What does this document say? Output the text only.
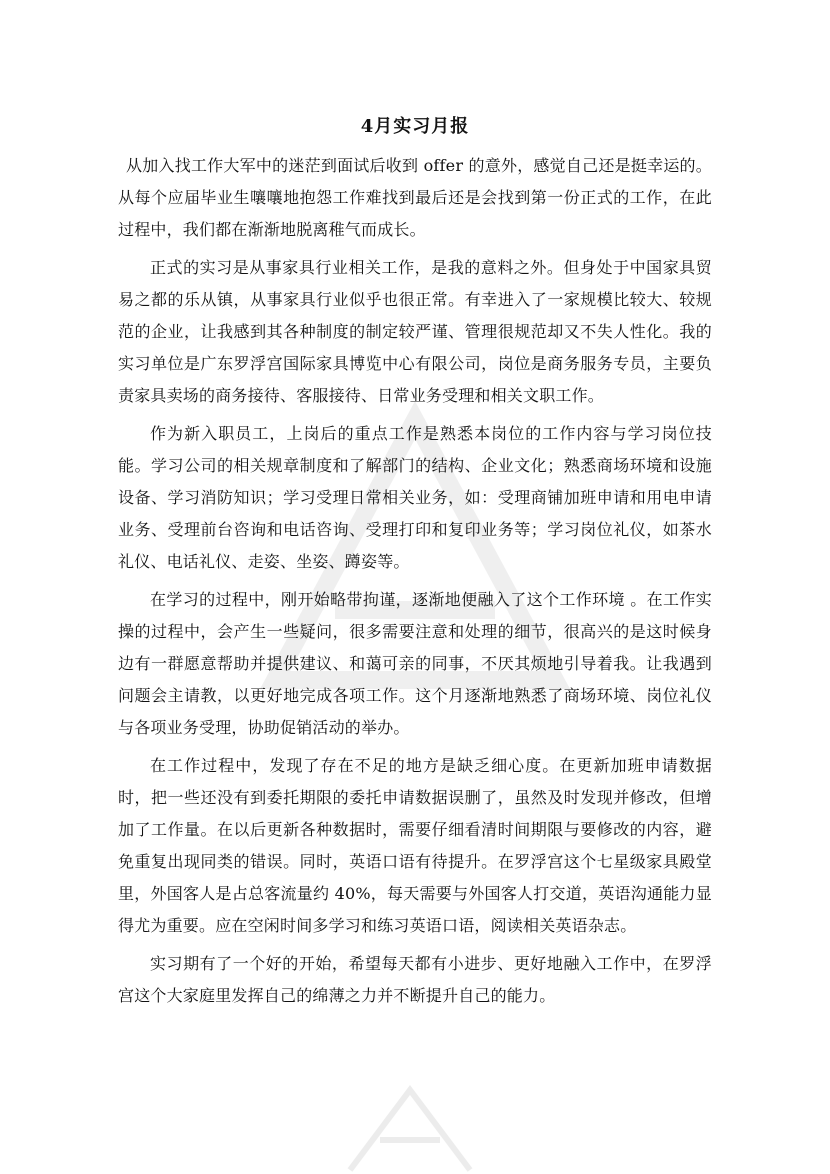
4月实习月报

从加入找工作大军中的迷茫到面试后收到 offer 的意外，感觉自己还是挺幸运的。从每个应届毕业生嚷嚷地抱怨工作难找到最后还是会找到第一份正式的工作，在此过程中，我们都在渐渐地脱离稚气而成长。

正式的实习是从事家具行业相关工作，是我的意料之外。但身处于中国家具贸易之都的乐从镇，从事家具行业似乎也很正常。有幸进入了一家规模比较大、较规范的企业，让我感到其各种制度的制定较严谨、管理很规范却又不失人性化。我的实习单位是广东罗浮宫国际家具博览中心有限公司，岗位是商务服务专员，主要负责家具卖场的商务接待、客服接待、日常业务受理和相关文职工作。

作为新入职员工，上岗后的重点工作是熟悉本岗位的工作内容与学习岗位技能。学习公司的相关规章制度和了解部门的结构、企业文化；熟悉商场环境和设施设备、学习消防知识；学习受理日常相关业务，如：受理商铺加班申请和用电申请业务、受理前台咨询和电话咨询、受理打印和复印业务等；学习岗位礼仪，如茶水礼仪、电话礼仪、走姿、坐姿、蹲姿等。

在学习的过程中，刚开始略带拘谨，逐渐地便融入了这个工作环境 。在工作实操的过程中，会产生一些疑问，很多需要注意和处理的细节，很高兴的是这时候身边有一群愿意帮助并提供建议、和蔼可亲的同事，不厌其烦地引导着我。让我遇到问题会主请教，以更好地完成各项工作。这个月逐渐地熟悉了商场环境、岗位礼仪与各项业务受理，协助促销活动的举办。

在工作过程中，发现了存在不足的地方是缺乏细心度。在更新加班申请数据时，把一些还没有到委托期限的委托申请数据误删了，虽然及时发现并修改，但增加了工作量。在以后更新各种数据时，需要仔细看清时间期限与要修改的内容，避免重复出现同类的错误。同时，英语口语有待提升。在罗浮宫这个七星级家具殿堂里，外国客人是占总客流量约 40%，每天需要与外国客人打交道，英语沟通能力显得尤为重要。应在空闲时间多学习和练习英语口语，阅读相关英语杂志。

实习期有了一个好的开始，希望每天都有小进步、更好地融入工作中，在罗浮宫这个大家庭里发挥自己的绵薄之力并不断提升自己的能力。
